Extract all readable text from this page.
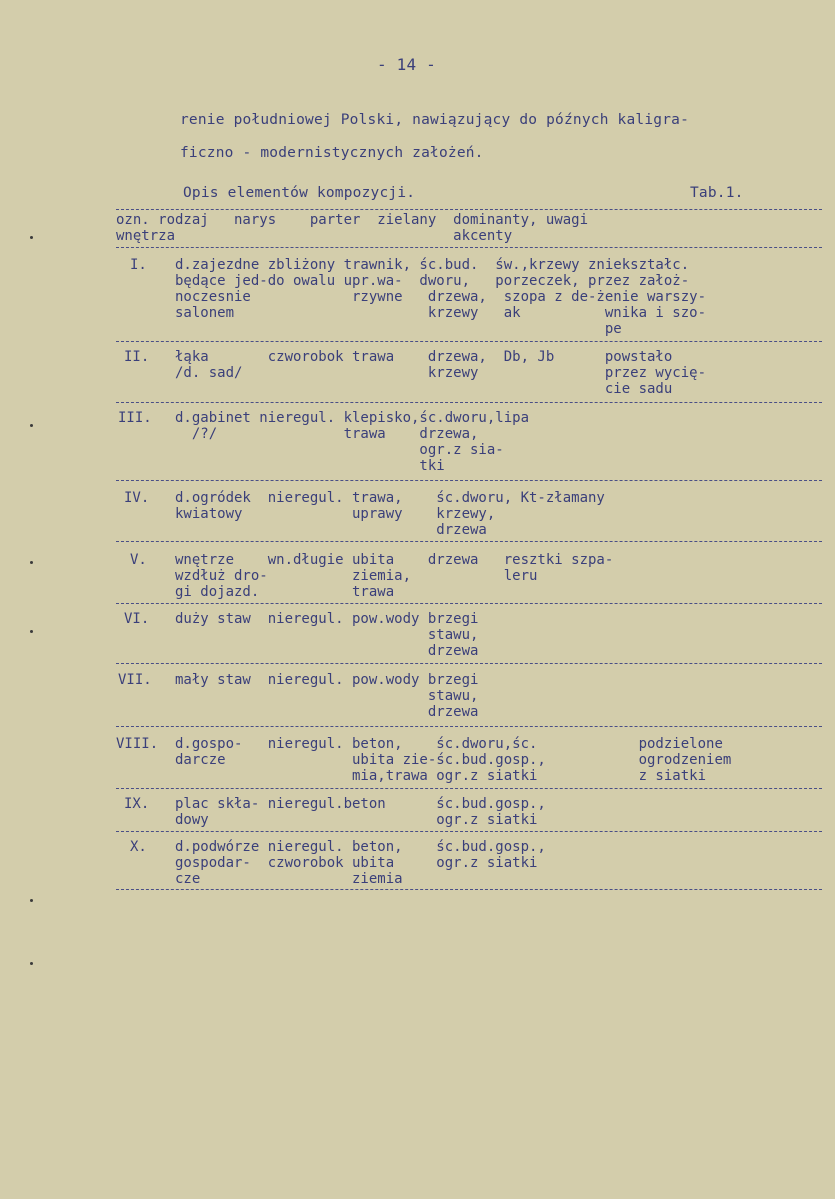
- 14 -
renie południowej Polski, nawiązujący do późnych kaligra-
ficzno - modernistycznych założeń.
Opis elementów kompozycji.	Tab.1.
ozn. rodzaj   narys    parter  zielany  dominanty, uwagi
wnętrza                                 akcenty
I. d.zajezdne zbliżony trawnik, śc.bud.  św.,krzewy zniekształc.
będące jed-do owalu upr.wa-  dworu,   porzeczek, przez założ-
noczesnie            rzywne   drzewa,  szopa z de-żenie warszy-
salonem                       krzewy   ak          wnika i szo-
pe
II. łąka       czworobok trawa    drzewa,  Db, Jb      powstało
/d. sad/                      krzewy               przez wycię-
cie sadu
III. d.gabinet nieregul. klepisko,śc.dworu,lipa
/?/               trawa    drzewa,
ogr.z sia-
tki
IV. d.ogródek  nieregul. trawa,    śc.dworu, Kt-złamany
kwiatowy             uprawy    krzewy,
drzewa
V. wnętrze    wn.długie ubita    drzewa   resztki szpa-
wzdłuż dro-          ziemia,           leru
gi dojazd.           trawa
VI. duży staw  nieregul. pow.wody brzegi
stawu,
drzewa
VII. mały staw  nieregul. pow.wody brzegi
stawu,
drzewa
VIII. d.gospo-   nieregul. beton,    śc.dworu,śc.            podzielone
darcze               ubita zie-śc.bud.gosp.,           ogrodzeniem
mia,trawa ogr.z siatki            z siatki
IX. plac skła- nieregul.beton      śc.bud.gosp.,
dowy                           ogr.z siatki
X. d.podwórze nieregul. beton,    śc.bud.gosp.,
gospodar-  czworobok ubita     ogr.z siatki
cze                  ziemia
